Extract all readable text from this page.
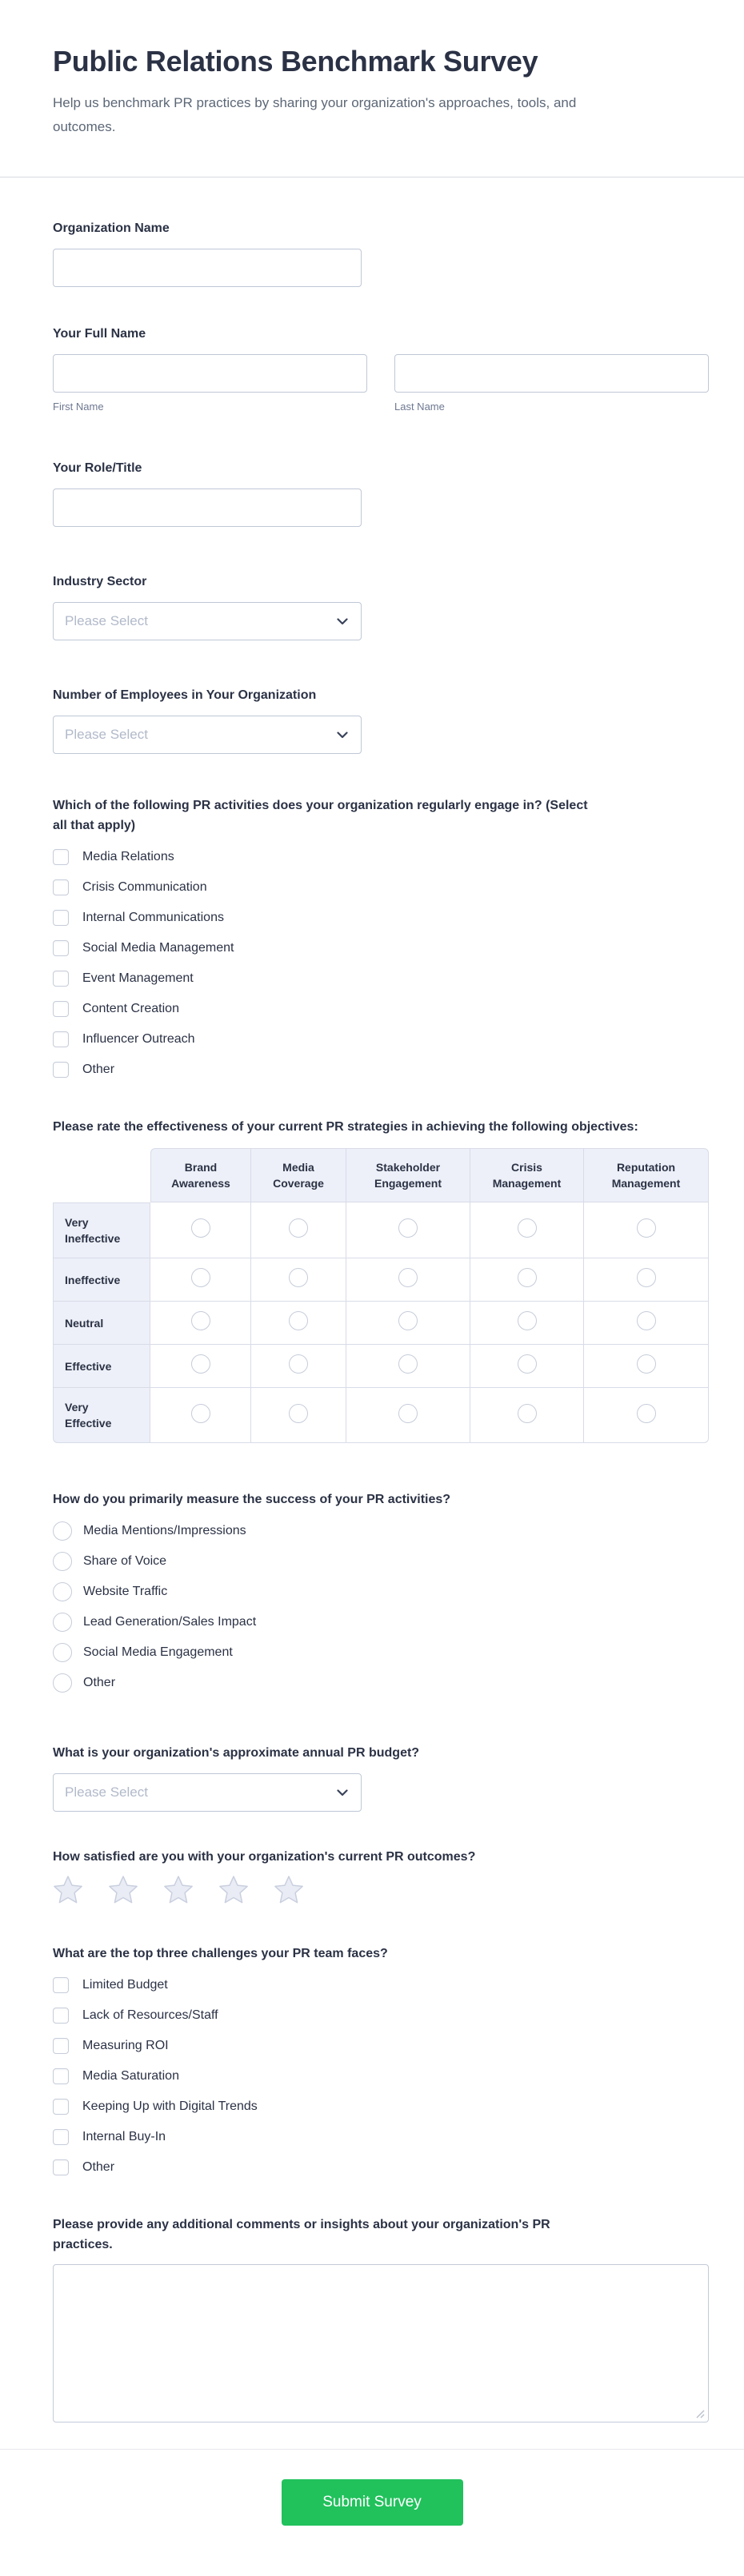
Public Relations Benchmark Survey
Help us benchmark PR practices by sharing your organization's approaches, tools, and outcomes.
Organization Name
Your Full Name
First Name	Last Name
Your Role/Title
Industry Sector
Please Select
Number of Employees in Your Organization
Please Select
Which of the following PR activities does your organization regularly engage in? (Select all that apply)
Media Relations
Crisis Communication
Internal Communications
Social Media Management
Event Management
Content Creation
Influencer Outreach
Other
Please rate the effectiveness of your current PR strategies in achieving the following objectives:
	Brand Awareness	Media Coverage	Stakeholder Engagement	Crisis Management	Reputation Management
Very Ineffective					
Ineffective					
Neutral					
Effective					
Very Effective					
How do you primarily measure the success of your PR activities?
Media Mentions/Impressions
Share of Voice
Website Traffic
Lead Generation/Sales Impact
Social Media Engagement
Other
What is your organization's approximate annual PR budget?
Please Select
How satisfied are you with your organization's current PR outcomes?
What are the top three challenges your PR team faces?
Limited Budget
Lack of Resources/Staff
Measuring ROI
Media Saturation
Keeping Up with Digital Trends
Internal Buy-In
Other
Please provide any additional comments or insights about your organization's PR practices.
Submit Survey
